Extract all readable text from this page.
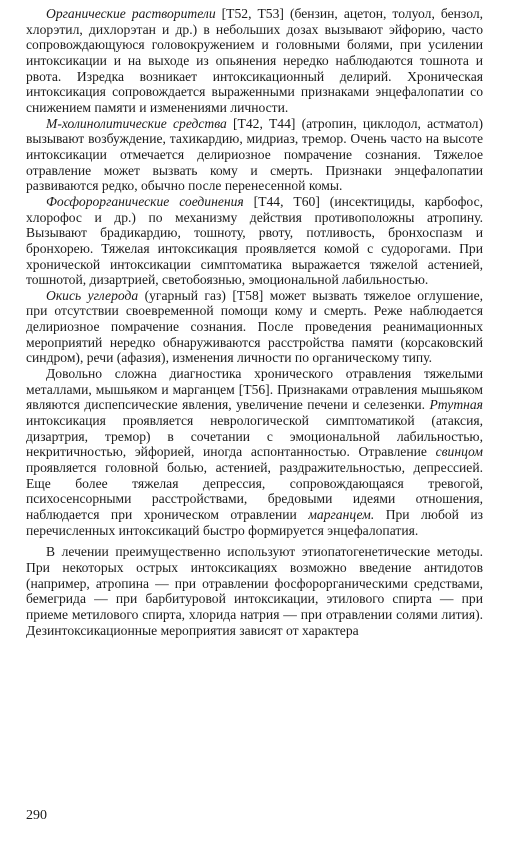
Органические растворители [Т52, Т53] (бензин, ацетон, толуол, бензол, хлорэтил, дихлорэтан и др.) в небольших дозах вызывают эйфорию, часто сопровождающуюся головокружением и головными болями, при усилении интоксикации и на выходе из опьянения нередко наблюдаются тошнота и рвота. Изредка возникает интоксикационный делирий. Хроническая интоксикация сопровождается выраженными признаками энцефалопатии со снижением памяти и изменениями личности.

М-холинолитические средства [Т42, Т44] (атропин, циклодол, астматол) вызывают возбуждение, тахикардию, мидриаз, тремор. Очень часто на высоте интоксикации отмечается делириозное помрачение сознания. Тяжелое отравление может вызвать кому и смерть. Признаки энцефалопатии развиваются редко, обычно после перенесенной комы.

Фосфорорганические соединения [Т44, Т60] (инсектициды, карбофос, хлорофос и др.) по механизму действия противоположны атропину. Вызывают брадикардию, тошноту, рвоту, потливость, бронхоспазм и бронхорею. Тяжелая интоксикация проявляется комой с судорогами. При хронической интоксикации симптоматика выражается тяжелой астенией, тошнотой, дизартрией, светобоязнью, эмоциональной лабильностью.

Окись углерода (угарный газ) [Т58] может вызвать тяжелое оглушение, при отсутствии своевременной помощи кому и смерть. Реже наблюдается делириозное помрачение сознания. После проведения реанимационных мероприятий нередко обнаруживаются расстройства памяти (корсаковский синдром), речи (афазия), изменения личности по органическому типу.

Довольно сложна диагностика хронического отравления тяжелыми металлами, мышьяком и марганцем [Т56]. Признаками отравления мышьяком являются диспепсические явления, увеличение печени и селезенки. Ртутная интоксикация проявляется неврологической симптоматикой (атаксия, дизартрия, тремор) в сочетании с эмоциональной лабильностью, некритичностью, эйфорией, иногда аспонтанностью. Отравление свинцом проявляется головной болью, астенией, раздражительностью, депрессией. Еще более тяжелая депрессия, сопровождающаяся тревогой, психосенсорными расстройствами, бредовыми идеями отношения, наблюдается при хроническом отравлении марганцем. При любой из перечисленных интоксикаций быстро формируется энцефалопатия.

В лечении преимущественно используют этиопатогенетические методы. При некоторых острых интоксикациях возможно введение антидотов (например, атропина — при отравлении фосфорорганическими средствами, бемегрида — при барбитуровой интоксикации, этилового спирта — при приеме метилового спирта, хлорида натрия — при отравлении солями лития). Дезинтоксикационные мероприятия зависят от характера

290
